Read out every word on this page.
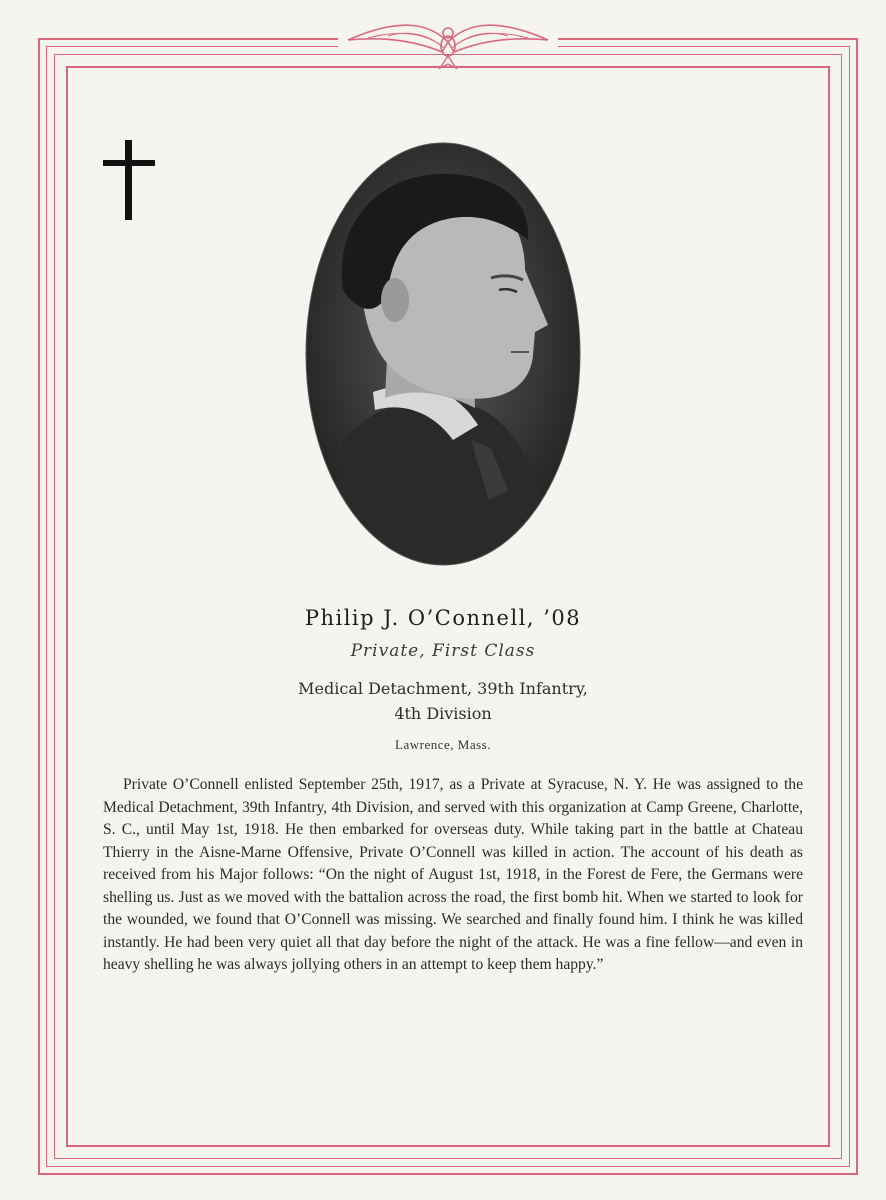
Philip J. O’Connell, ’08
Private, First Class
Medical Detachment, 39th Infantry,
4th Division
Lawrence, Mass.
Private O’Connell enlisted September 25th, 1917, as a Private at Syracuse, N. Y. He was assigned to the Medical Detachment, 39th Infantry, 4th Division, and served with this organization at Camp Greene, Charlotte, S. C., until May 1st, 1918. He then embarked for overseas duty. While taking part in the battle at Chateau Thierry in the Aisne-Marne Offensive, Private O’Connell was killed in action. The account of his death as received from his Major follows: “On the night of August 1st, 1918, in the Forest de Fere, the Germans were shelling us. Just as we moved with the battalion across the road, the first bomb hit. When we started to look for the wounded, we found that O’Connell was missing. We searched and finally found him. I think he was killed instantly. He had been very quiet all that day before the night of the attack. He was a fine fellow—and even in heavy shelling he was always jollying others in an attempt to keep them happy.”
